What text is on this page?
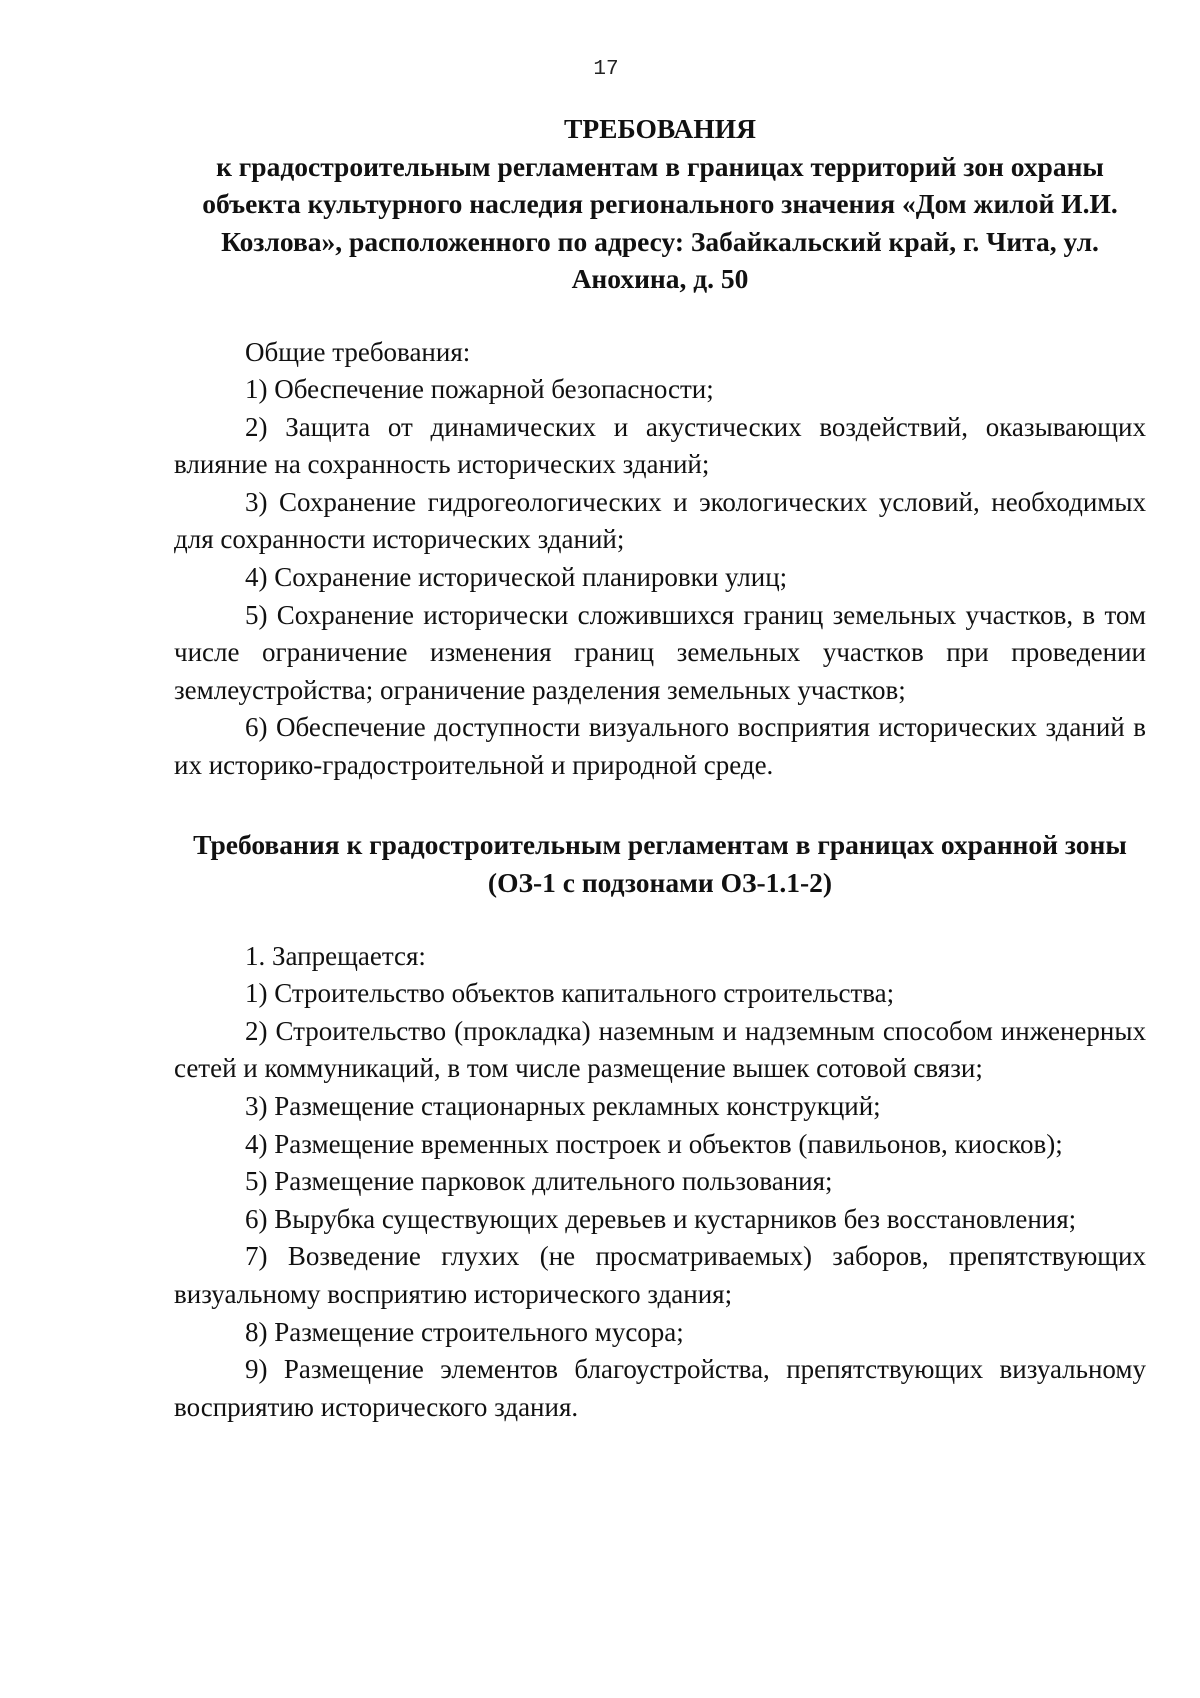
17
ТРЕБОВАНИЯ
к градостроительным регламентам в границах территорий зон охраны
объекта культурного наследия регионального значения «Дом жилой И.И.
Козлова», расположенного по адресу: Забайкальский край, г. Чита, ул.
Анохина, д. 50

Общие требования:

1) Обеспечение пожарной безопасности;

2) Защита от динамических и акустических воздействий, оказывающих влияние на сохранность исторических зданий;

3) Сохранение гидрогеологических и экологических условий, необходимых для сохранности исторических зданий;

4) Сохранение исторической планировки улиц;

5) Сохранение исторически сложившихся границ земельных участков, в том числе ограничение изменения границ земельных участков при проведении землеустройства; ограничение разделения земельных участков;

6) Обеспечение доступности визуального восприятия исторических зданий в их историко-градостроительной и природной среде.

Требования к градостроительным регламентам в границах охранной зоны
(ОЗ-1 с подзонами ОЗ-1.1-2)

1. Запрещается:

1) Строительство объектов капитального строительства;

2) Строительство (прокладка) наземным и надземным способом инженерных сетей и коммуникаций, в том числе размещение вышек сотовой связи;

3) Размещение стационарных рекламных конструкций;

4) Размещение временных построек и объектов (павильонов, киосков);

5) Размещение парковок длительного пользования;

6) Вырубка существующих деревьев и кустарников без восстановления;

7) Возведение глухих (не просматриваемых) заборов, препятствующих визуальному восприятию исторического здания;

8) Размещение строительного мусора;

9) Размещение элементов благоустройства, препятствующих визуальному восприятию исторического здания.
